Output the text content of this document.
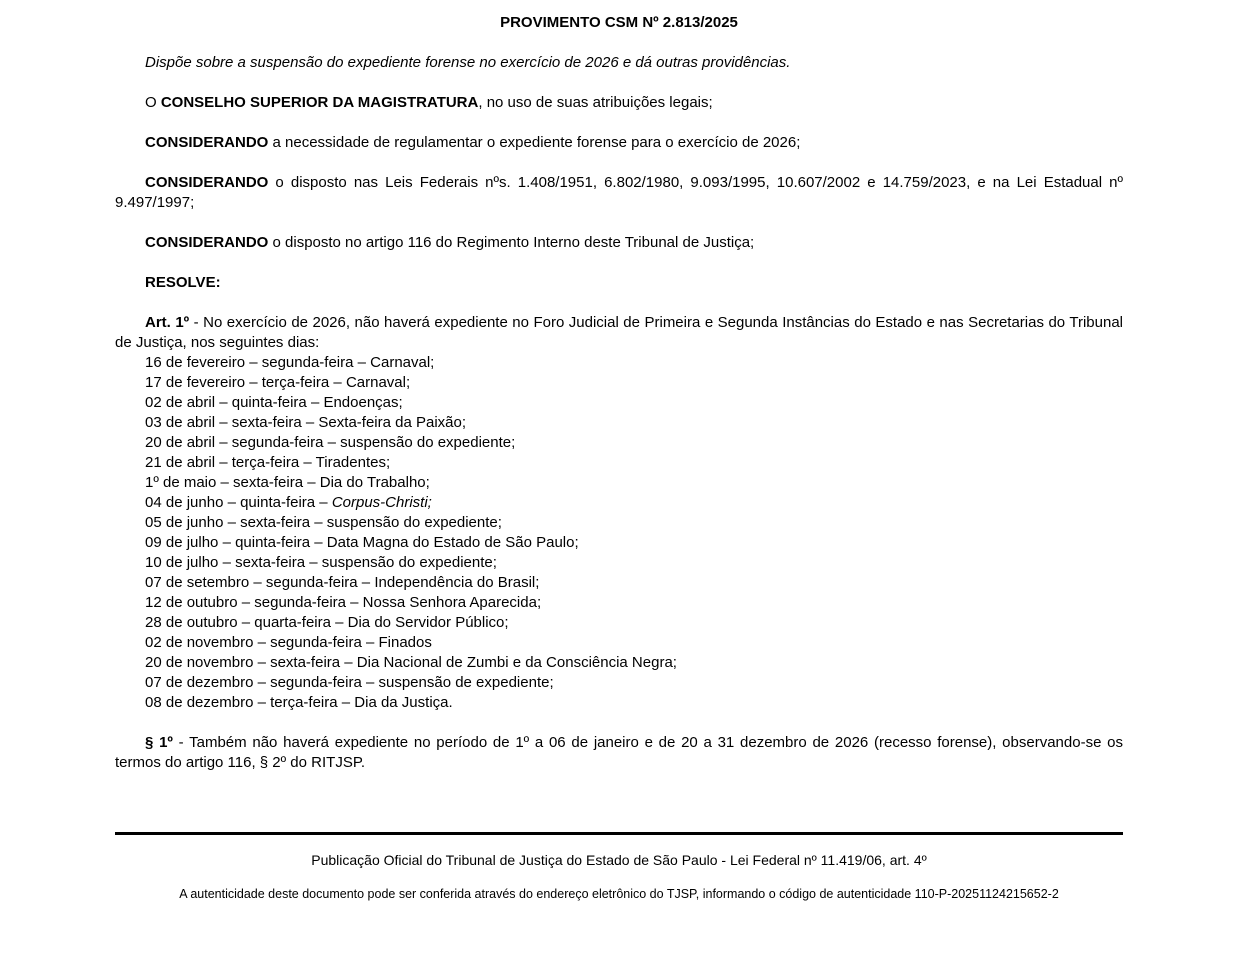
PROVIMENTO CSM Nº 2.813/2025
Dispõe sobre a suspensão do expediente forense no exercício de 2026 e dá outras providências.
O CONSELHO SUPERIOR DA MAGISTRATURA, no uso de suas atribuições legais;
CONSIDERANDO a necessidade de regulamentar o expediente forense para o exercício de 2026;
CONSIDERANDO o disposto nas Leis Federais nºs. 1.408/1951, 6.802/1980, 9.093/1995, 10.607/2002 e 14.759/2023, e na Lei Estadual nº 9.497/1997;
CONSIDERANDO o disposto no artigo 116 do Regimento Interno deste Tribunal de Justiça;
RESOLVE:
Art. 1º - No exercício de 2026, não haverá expediente no Foro Judicial de Primeira e Segunda Instâncias do Estado e nas Secretarias do Tribunal de Justiça, nos seguintes dias:
16 de fevereiro – segunda-feira – Carnaval;
17 de fevereiro – terça-feira – Carnaval;
02 de abril – quinta-feira – Endoenças;
03 de abril – sexta-feira – Sexta-feira da Paixão;
20 de abril – segunda-feira – suspensão do expediente;
21 de abril – terça-feira – Tiradentes;
1º de maio – sexta-feira – Dia do Trabalho;
04 de junho – quinta-feira – Corpus-Christi;
05 de junho – sexta-feira – suspensão do expediente;
09 de julho – quinta-feira – Data Magna do Estado de São Paulo;
10 de julho – sexta-feira – suspensão do expediente;
07 de setembro – segunda-feira – Independência do Brasil;
12 de outubro – segunda-feira – Nossa Senhora Aparecida;
28 de outubro – quarta-feira – Dia do Servidor Público;
02 de novembro – segunda-feira – Finados
20 de novembro – sexta-feira – Dia Nacional de Zumbi e da Consciência Negra;
07 de dezembro – segunda-feira – suspensão de expediente;
08 de dezembro – terça-feira – Dia da Justiça.
§ 1º - Também não haverá expediente no período de 1º a 06 de janeiro e de 20 a 31 dezembro de 2026 (recesso forense), observando-se os termos do artigo 116, § 2º do RITJSP.
Publicação Oficial do Tribunal de Justiça do Estado de São Paulo - Lei Federal nº 11.419/06, art. 4º
A autenticidade deste documento pode ser conferida através do endereço eletrônico do TJSP, informando o código de autenticidade 110-P-20251124215652-2
